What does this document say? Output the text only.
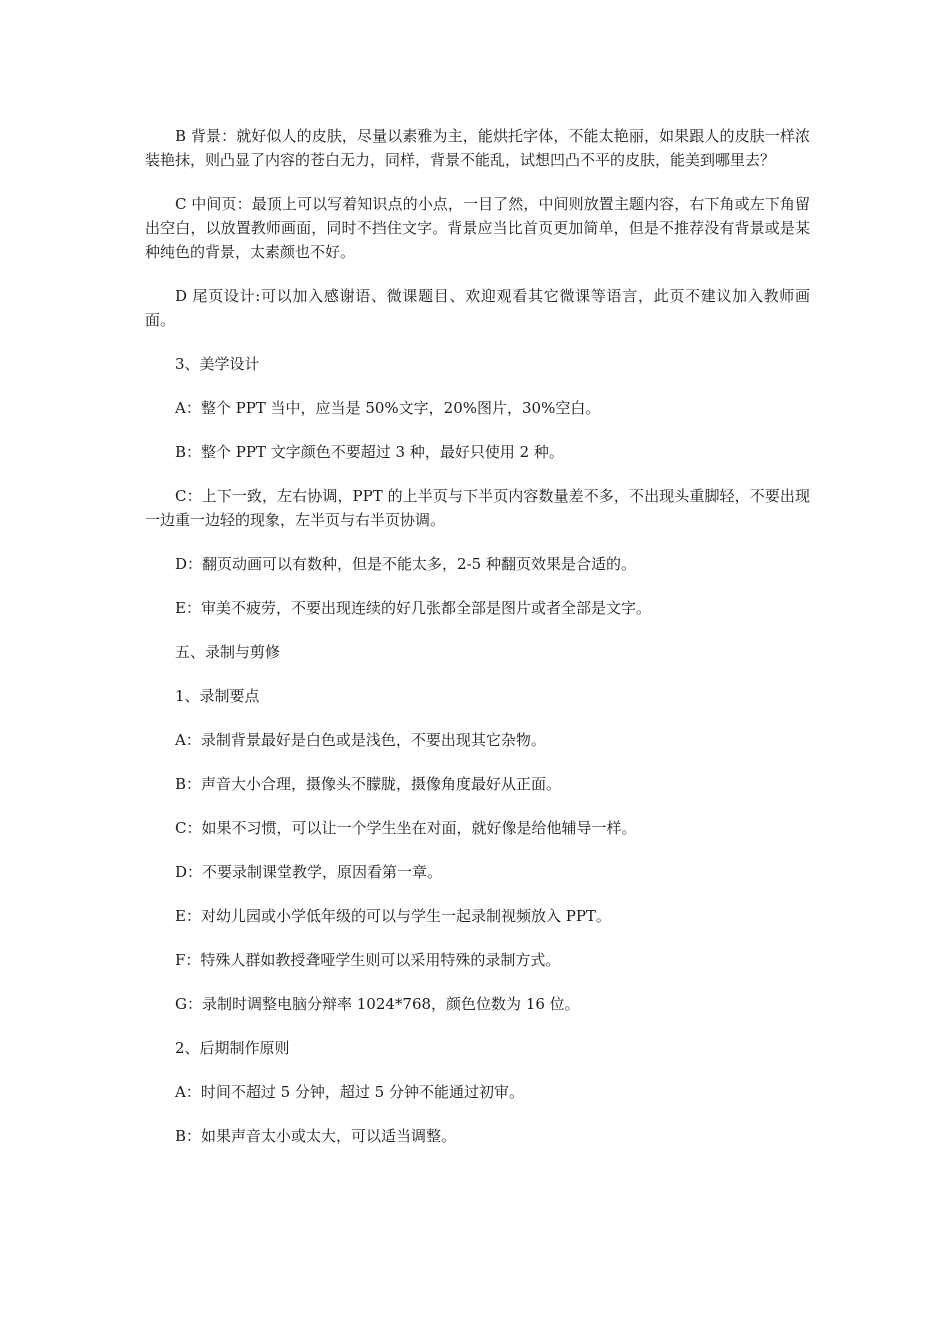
B 背景：就好似人的皮肤，尽量以素雅为主，能烘托字体，不能太艳丽，如果跟人的皮肤一样浓装艳抹，则凸显了内容的苍白无力，同样，背景不能乱，试想凹凸不平的皮肤，能美到哪里去？

C 中间页：最顶上可以写着知识点的小点，一目了然，中间则放置主题内容，右下角或左下角留出空白，以放置教师画面，同时不挡住文字。背景应当比首页更加简单，但是不推荐没有背景或是某种纯色的背景，太素颜也不好。

D 尾页设计:可以加入感谢语、微课题目、欢迎观看其它微课等语言，此页不建议加入教师画面。

3、美学设计

A：整个 PPT 当中，应当是 50%文字，20%图片，30%空白。

B：整个 PPT 文字颜色不要超过 3 种，最好只使用 2 种。

C：上下一致，左右协调，PPT 的上半页与下半页内容数量差不多，不出现头重脚轻，不要出现一边重一边轻的现象，左半页与右半页协调。

D：翻页动画可以有数种，但是不能太多，2-5 种翻页效果是合适的。

E：审美不疲劳，不要出现连续的好几张都全部是图片或者全部是文字。

五、录制与剪修

1、录制要点

A：录制背景最好是白色或是浅色，不要出现其它杂物。

B：声音大小合理，摄像头不朦胧，摄像角度最好从正面。

C：如果不习惯，可以让一个学生坐在对面，就好像是给他辅导一样。

D：不要录制课堂教学，原因看第一章。

E：对幼儿园或小学低年级的可以与学生一起录制视频放入 PPT。

F：特殊人群如教授聋哑学生则可以采用特殊的录制方式。

G：录制时调整电脑分辩率 1024*768，颜色位数为 16 位。

2、后期制作原则

A：时间不超过 5 分钟，超过 5 分钟不能通过初审。

B：如果声音太小或太大，可以适当调整。
